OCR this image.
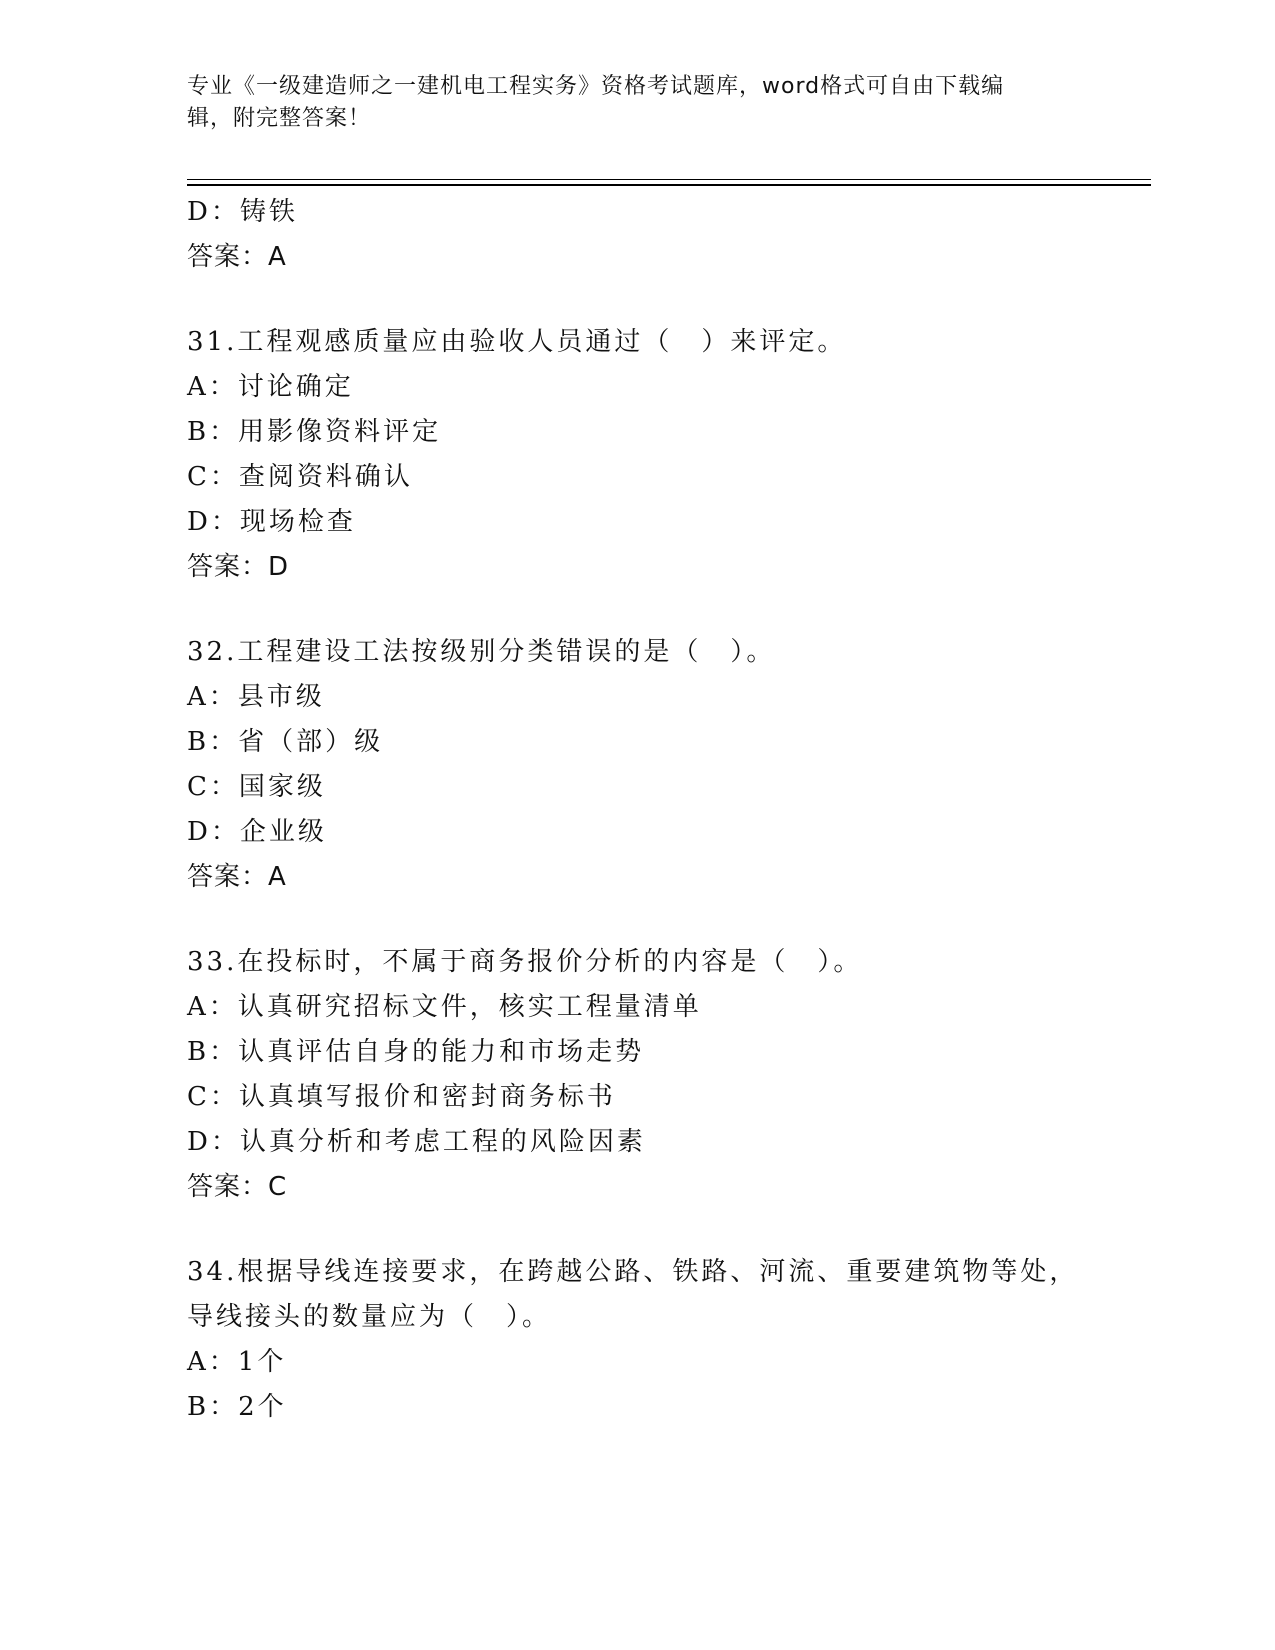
专业《一级建造师之一建机电工程实务》资格考试题库，word格式可自由下载编
辑，附完整答案！
D：铸铁
答案：A
31.工程观感质量应由验收人员通过（　）来评定。
A：讨论确定
B：用影像资料评定
C：查阅资料确认
D：现场检查
答案：D
32.工程建设工法按级别分类错误的是（　）。
A：县市级
B：省（部）级
C：国家级
D：企业级
答案：A
33.在投标时，不属于商务报价分析的内容是（　）。
A：认真研究招标文件，核实工程量清单
B：认真评估自身的能力和市场走势
C：认真填写报价和密封商务标书
D：认真分析和考虑工程的风险因素
答案：C
34.根据导线连接要求，在跨越公路、铁路、河流、重要建筑物等处，
导线接头的数量应为（　）。
A：1个
B：2个
